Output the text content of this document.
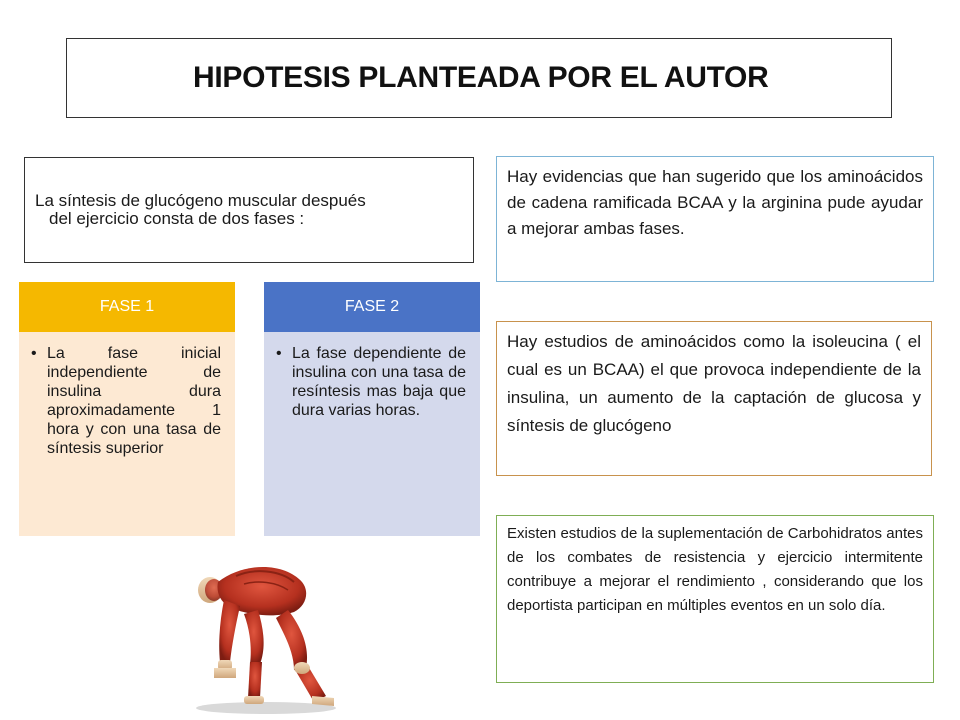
HIPOTESIS PLANTEADA POR EL AUTOR

La síntesis de glucógeno muscular después
del ejercicio consta de dos fases :

FASE 1
• La fase inicial independiente de insulina dura aproximadamente 1 hora y con una tasa de síntesis superior
FASE 2
• La fase dependiente de insulina con una tasa de resíntesis mas baja que dura varias horas.
Hay evidencias que han sugerido que los aminoácidos de cadena ramificada BCAA y la arginina pude ayudar a mejorar ambas fases.
Hay estudios de aminoácidos como la isoleucina ( el cual es un BCAA) el que provoca independiente de la insulina, un aumento de la captación de glucosa y síntesis de glucógeno
Existen estudios de la suplementación de Carbohidratos antes de los combates de resistencia y ejercicio intermitente contribuye a mejorar el rendimiento , considerando que los deportista participan en múltiples eventos en un solo día.
